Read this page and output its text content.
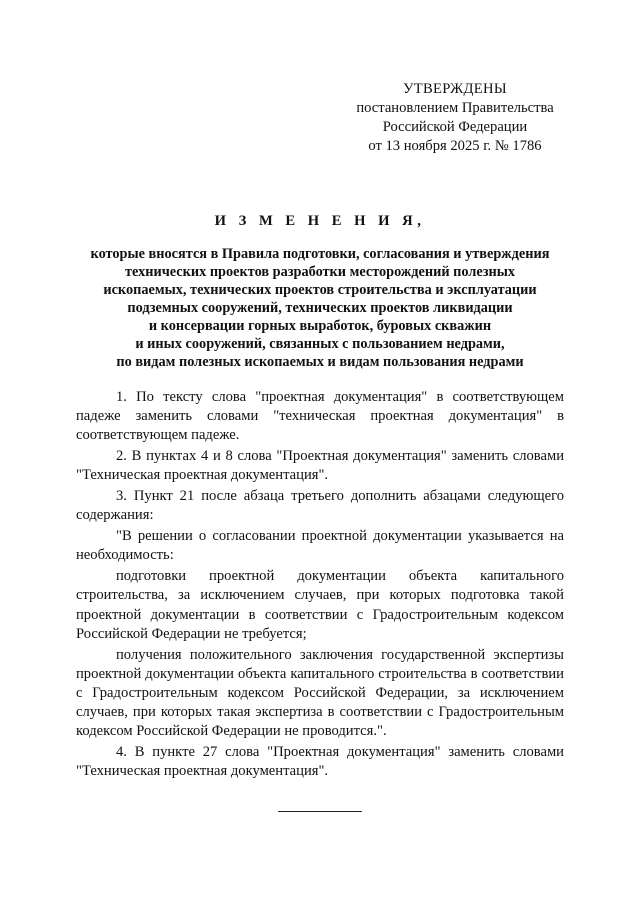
УТВЕРЖДЕНЫ
постановлением Правительства
Российской Федерации
от 13 ноября 2025 г. № 1786
И З М Е Н Е Н И Я,
которые вносятся в Правила подготовки, согласования и утверждения
технических проектов разработки месторождений полезных
ископаемых, технических проектов строительства и эксплуатации
подземных сооружений, технических проектов ликвидации
и консервации горных выработок, буровых скважин
и иных сооружений, связанных с пользованием недрами,
по видам полезных ископаемых и видам пользования недрами

1. По тексту слова "проектная документация" в соответствующем падеже заменить словами "техническая проектная документация" в соответствующем падеже.

2. В пунктах 4 и 8 слова "Проектная документация" заменить словами "Техническая проектная документация".

3. Пункт 21 после абзаца третьего дополнить абзацами следующего содержания:

"В решении о согласовании проектной документации указывается на необходимость:

подготовки проектной документации объекта капитального строительства, за исключением случаев, при которых подготовка такой проектной документации в соответствии с Градостроительным кодексом Российской Федерации не требуется;

получения положительного заключения государственной экспертизы проектной документации объекта капитального строительства в соответствии с Градостроительным кодексом Российской Федерации, за исключением случаев, при которых такая экспертиза в соответствии с Градостроительным кодексом Российской Федерации не проводится.".

4. В пункте 27 слова "Проектная документация" заменить словами "Техническая проектная документация".
